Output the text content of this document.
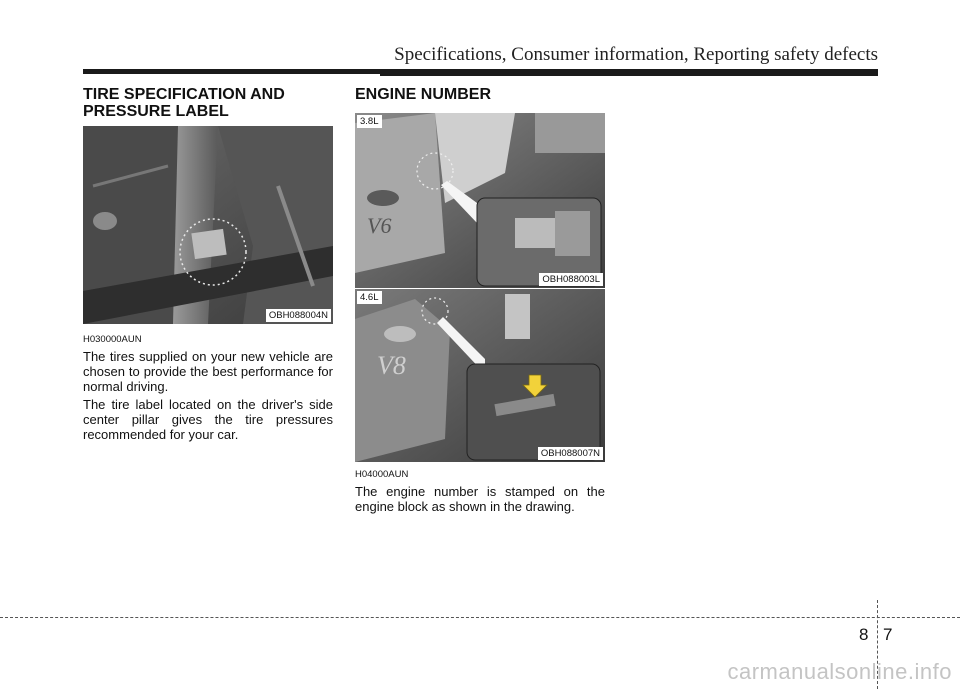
Specifications, Consumer information, Reporting safety defects
TIRE SPECIFICATION AND
PRESSURE LABEL
OBH088004N
H030000AUN

The tires supplied on your new vehicle are chosen to provide the best performance for normal driving.

The tire label located on the driver's side center pillar gives the tire pressures recommended for your car.

ENGINE NUMBER
V6
3.8L
OBH088003L
V8
4.6L
OBH088007N
H04000AUN

The engine number is stamped on the engine block as shown in the drawing.

8 7
carmanualsonline.info
